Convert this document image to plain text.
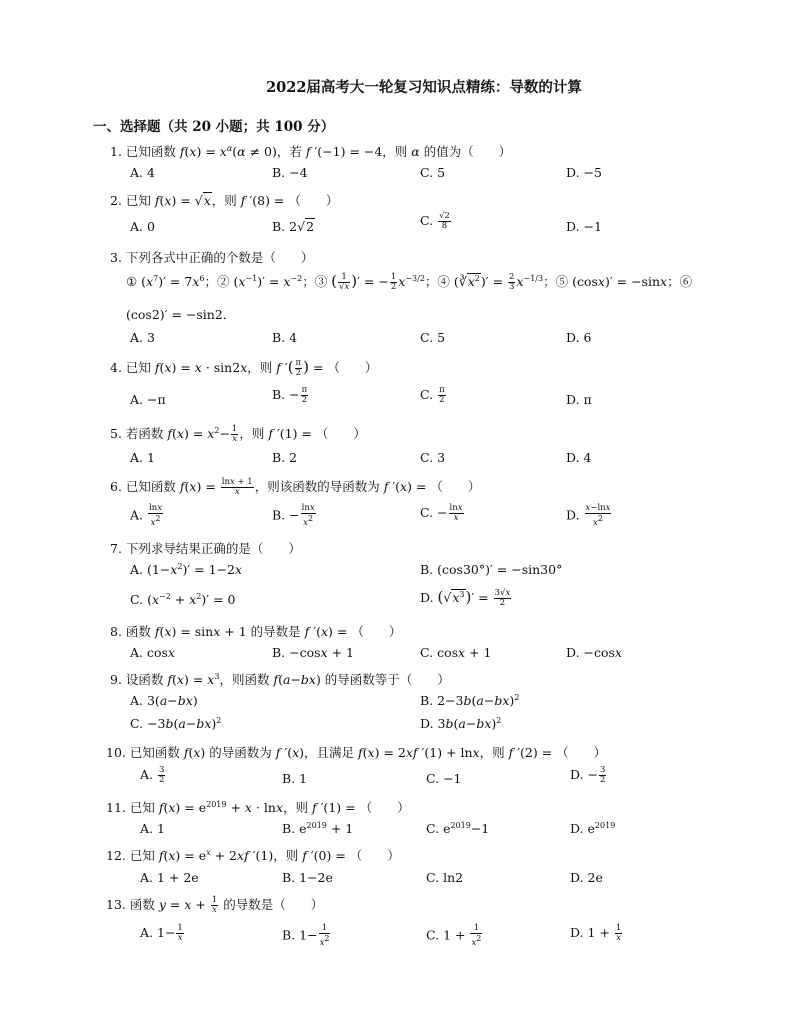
2022届高考大一轮复习知识点精练：导数的计算
一、选择题（共 20 小题；共 100 分）
1. 已知函数 $f(x) = x^\alpha(\alpha \ne 0)$，若 f ′(−1) = −4，则 α 的值为（　　）
A. 4	B. −4	C. 5	D. −5
2. 已知 f(x) = √x，则 f ′(8) = （　　）
A. 0	B. 2√2	C. $\frac{√2}{8}$	D. −1
3. 下列各式中正确的个数是（　　）
① $(x^7)' = 7x^6$；② $(x^{-1})' = x^{-2}$；③ ( $\frac{1}{√x}$ )′ = − $\frac{1}{2} x^{-3/2}$；④ $(∛x^2)' = \frac{2}{3} x^{-1/3}$；⑤ (cosx)′ = −sinx；⑥
(cos2)′ = −sin2．
A. 3	B. 4	C. 5	D. 6
4. 已知 f(x) = x · sin2x，则 f ′( $\frac{\pi}{2}$ ) = （　　）
A. −π	B. − $\frac{\pi}{2}$	C. $\frac{\pi}{2}$	D. π
5. 若函数 $f(x) = x^2- \frac{1}{x}$ ，则 f ′(1) = （　　）
A. 1	B. 2	C. 3	D. 4
6. 已知函数 $f(x) = \frac{\ln x + 1}{x}$ ，则该函数的导函数为 f ′(x) = （　　）
A. $\frac{\ln x}{x^2}$	B. − $\frac{\ln x}{x^2}$	C. − $\frac{\ln x}{x}$	D. $\frac{x-\ln x}{x^2}$
7. 下列求导结果正确的是（　　）
A. $(1-x^2)' = 1-2x$	B. (cos30°)′ = −sin30°
C. $(x^{-2} + x^2)' = 0$	D. $(√x^3)' = \frac{3√x}{2}$
8. 函数 f(x) = sinx + 1 的导数是 f ′(x) = （　　）
A. cosx	B. −cosx + 1	C. cosx + 1	D. −cosx
9. 设函数 $f(x) = x^3$，则函数 f(a−bx) 的导函数等于（　　）
A. 3(a−bx)	B. $2-3b(a-bx)^2$
C. $-3b(a-bx)^2$	D. $3b(a-bx)^2$
10. 已知函数 f(x) 的导函数为 f ′(x)，且满足 f(x) = 2xf ′(1) + lnx，则 f ′(2) = （　　）
A. $\frac{3}{2}$	B. 1	C. −1	D. − $\frac{3}{2}$
11. 已知 $f(x) = e^{2019} + x \cdot \ln x$，则 f ′(1) = （　　）
A. 1	B. $e^{2019} + 1$	C. $e^{2019}-1$	D. $e^{2019}$
12. 已知 $f(x) = e^x + 2xf$ ′(1)，则 f ′(0) = （　　）
A. 1 + 2e	B. 1−2e	C. ln2	D. 2e
13. 函数 $y = x + \frac{1}{x}$ 的导数是（　　）
A. $1- \frac{1}{x}$	B. $1- \frac{1}{x^2}$	C. $1 + \frac{1}{x^2}$	D. $1 + \frac{1}{x}$
